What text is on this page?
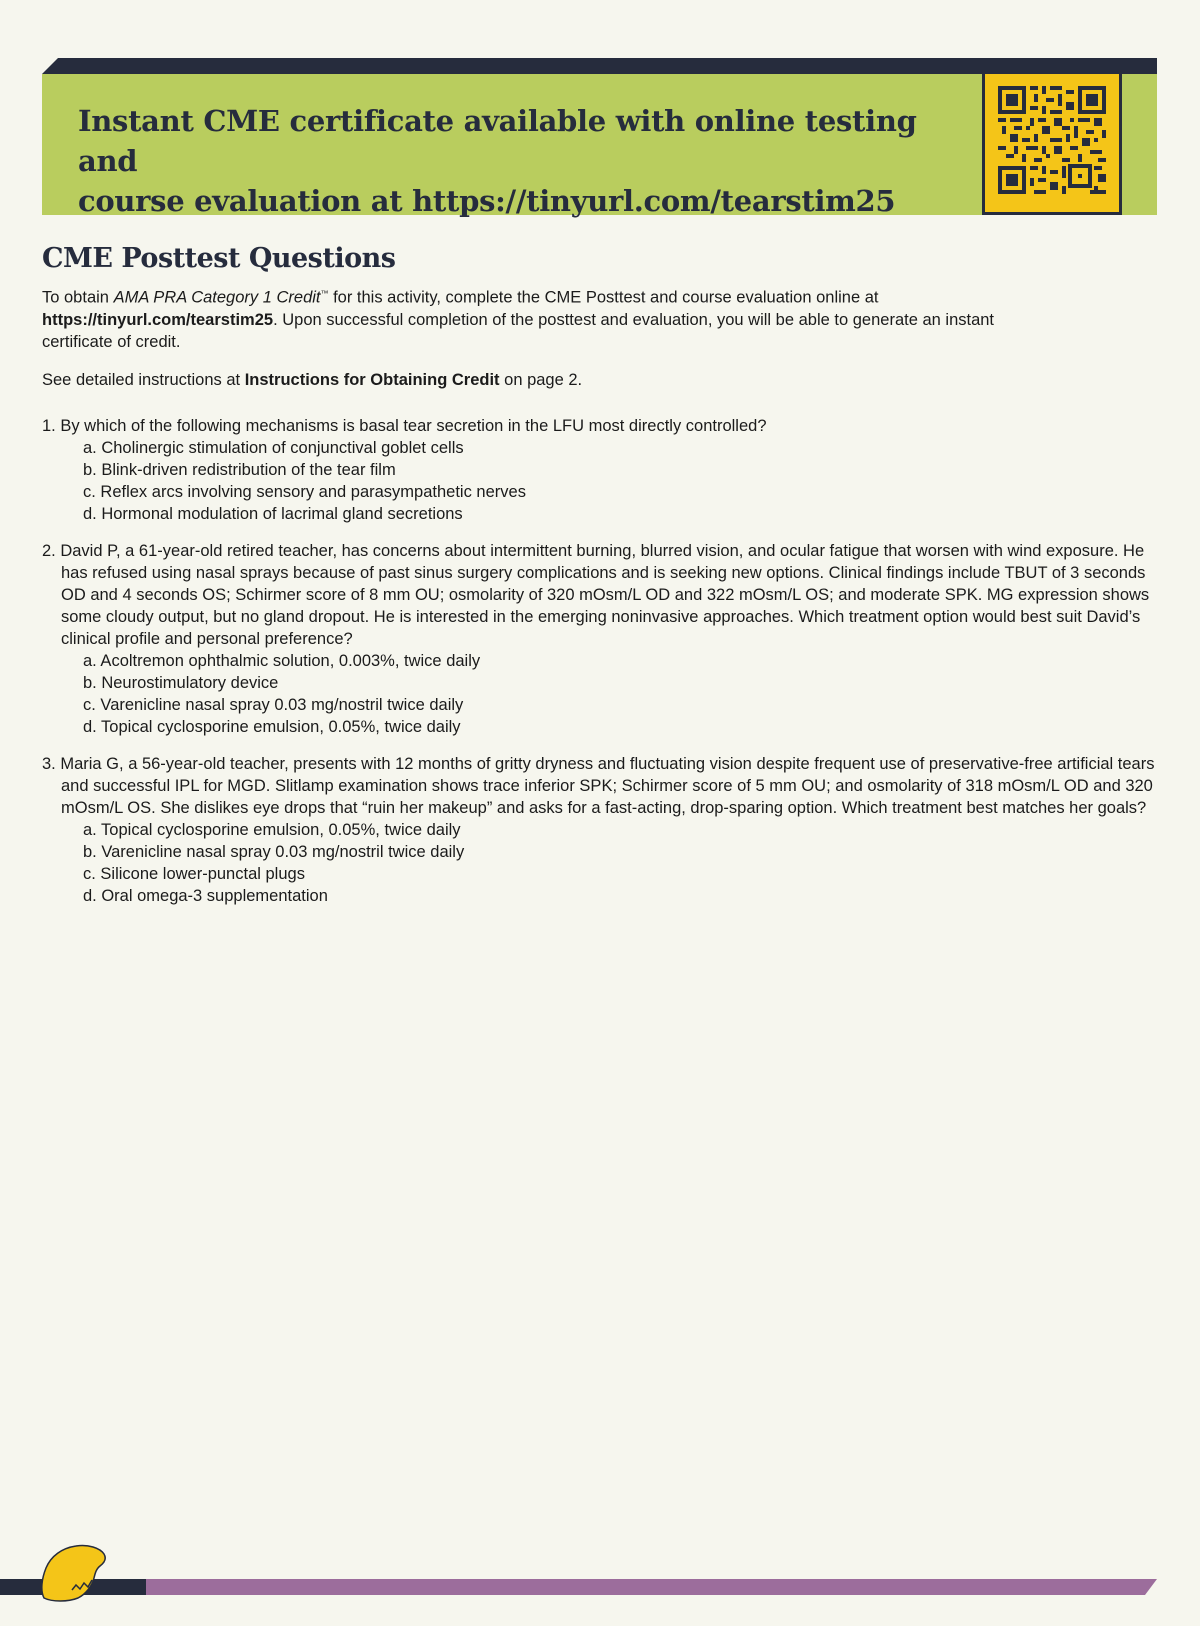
Instant CME certificate available with online testing and
course evaluation at https://tinyurl.com/tearstim25
CME Posttest Questions

To obtain AMA PRA Category 1 Credit™ for this activity, complete the CME Posttest and course evaluation online at
https://tinyurl.com/tearstim25. Upon successful completion of the posttest and evaluation, you will be able to generate an instant certificate of credit.

See detailed instructions at Instructions for Obtaining Credit on page 2.

1. By which of the following mechanisms is basal tear secretion in the LFU most directly controlled?
a. Cholinergic stimulation of conjunctival goblet cells
b. Blink-driven redistribution of the tear film
c. Reflex arcs involving sensory and parasympathetic nerves
d. Hormonal modulation of lacrimal gland secretions
2. David P, a 61-year-old retired teacher, has concerns about intermittent burning, blurred vision, and ocular fatigue that worsen with wind exposure. He has refused using nasal sprays because of past sinus surgery complications and is seeking new options. Clinical findings include TBUT of 3 seconds OD and 4 seconds OS; Schirmer score of 8 mm OU; osmolarity of 320 mOsm/L OD and 322 mOsm/L OS; and moderate SPK. MG expression shows some cloudy output, but no gland dropout. He is interested in the emerging noninvasive approaches. Which treatment option would best suit David’s clinical profile and personal preference?
a. Acoltremon ophthalmic solution, 0.003%, twice daily
b. Neurostimulatory device
c. Varenicline nasal spray 0.03 mg/nostril twice daily
d. Topical cyclosporine emulsion, 0.05%, twice daily
3. Maria G, a 56-year-old teacher, presents with 12 months of gritty dryness and fluctuating vision despite frequent use of preservative-free artificial tears and successful IPL for MGD. Slitlamp examination shows trace inferior SPK; Schirmer score of 5 mm OU; and osmolarity of 318 mOsm/L OD and 320 mOsm/L OS. She dislikes eye drops that “ruin her makeup” and asks for a fast-acting, drop-sparing option. Which treatment best matches her goals?
a. Topical cyclosporine emulsion, 0.05%, twice daily
b. Varenicline nasal spray 0.03 mg/nostril twice daily
c. Silicone lower-punctal plugs
d. Oral omega-3 supplementation
